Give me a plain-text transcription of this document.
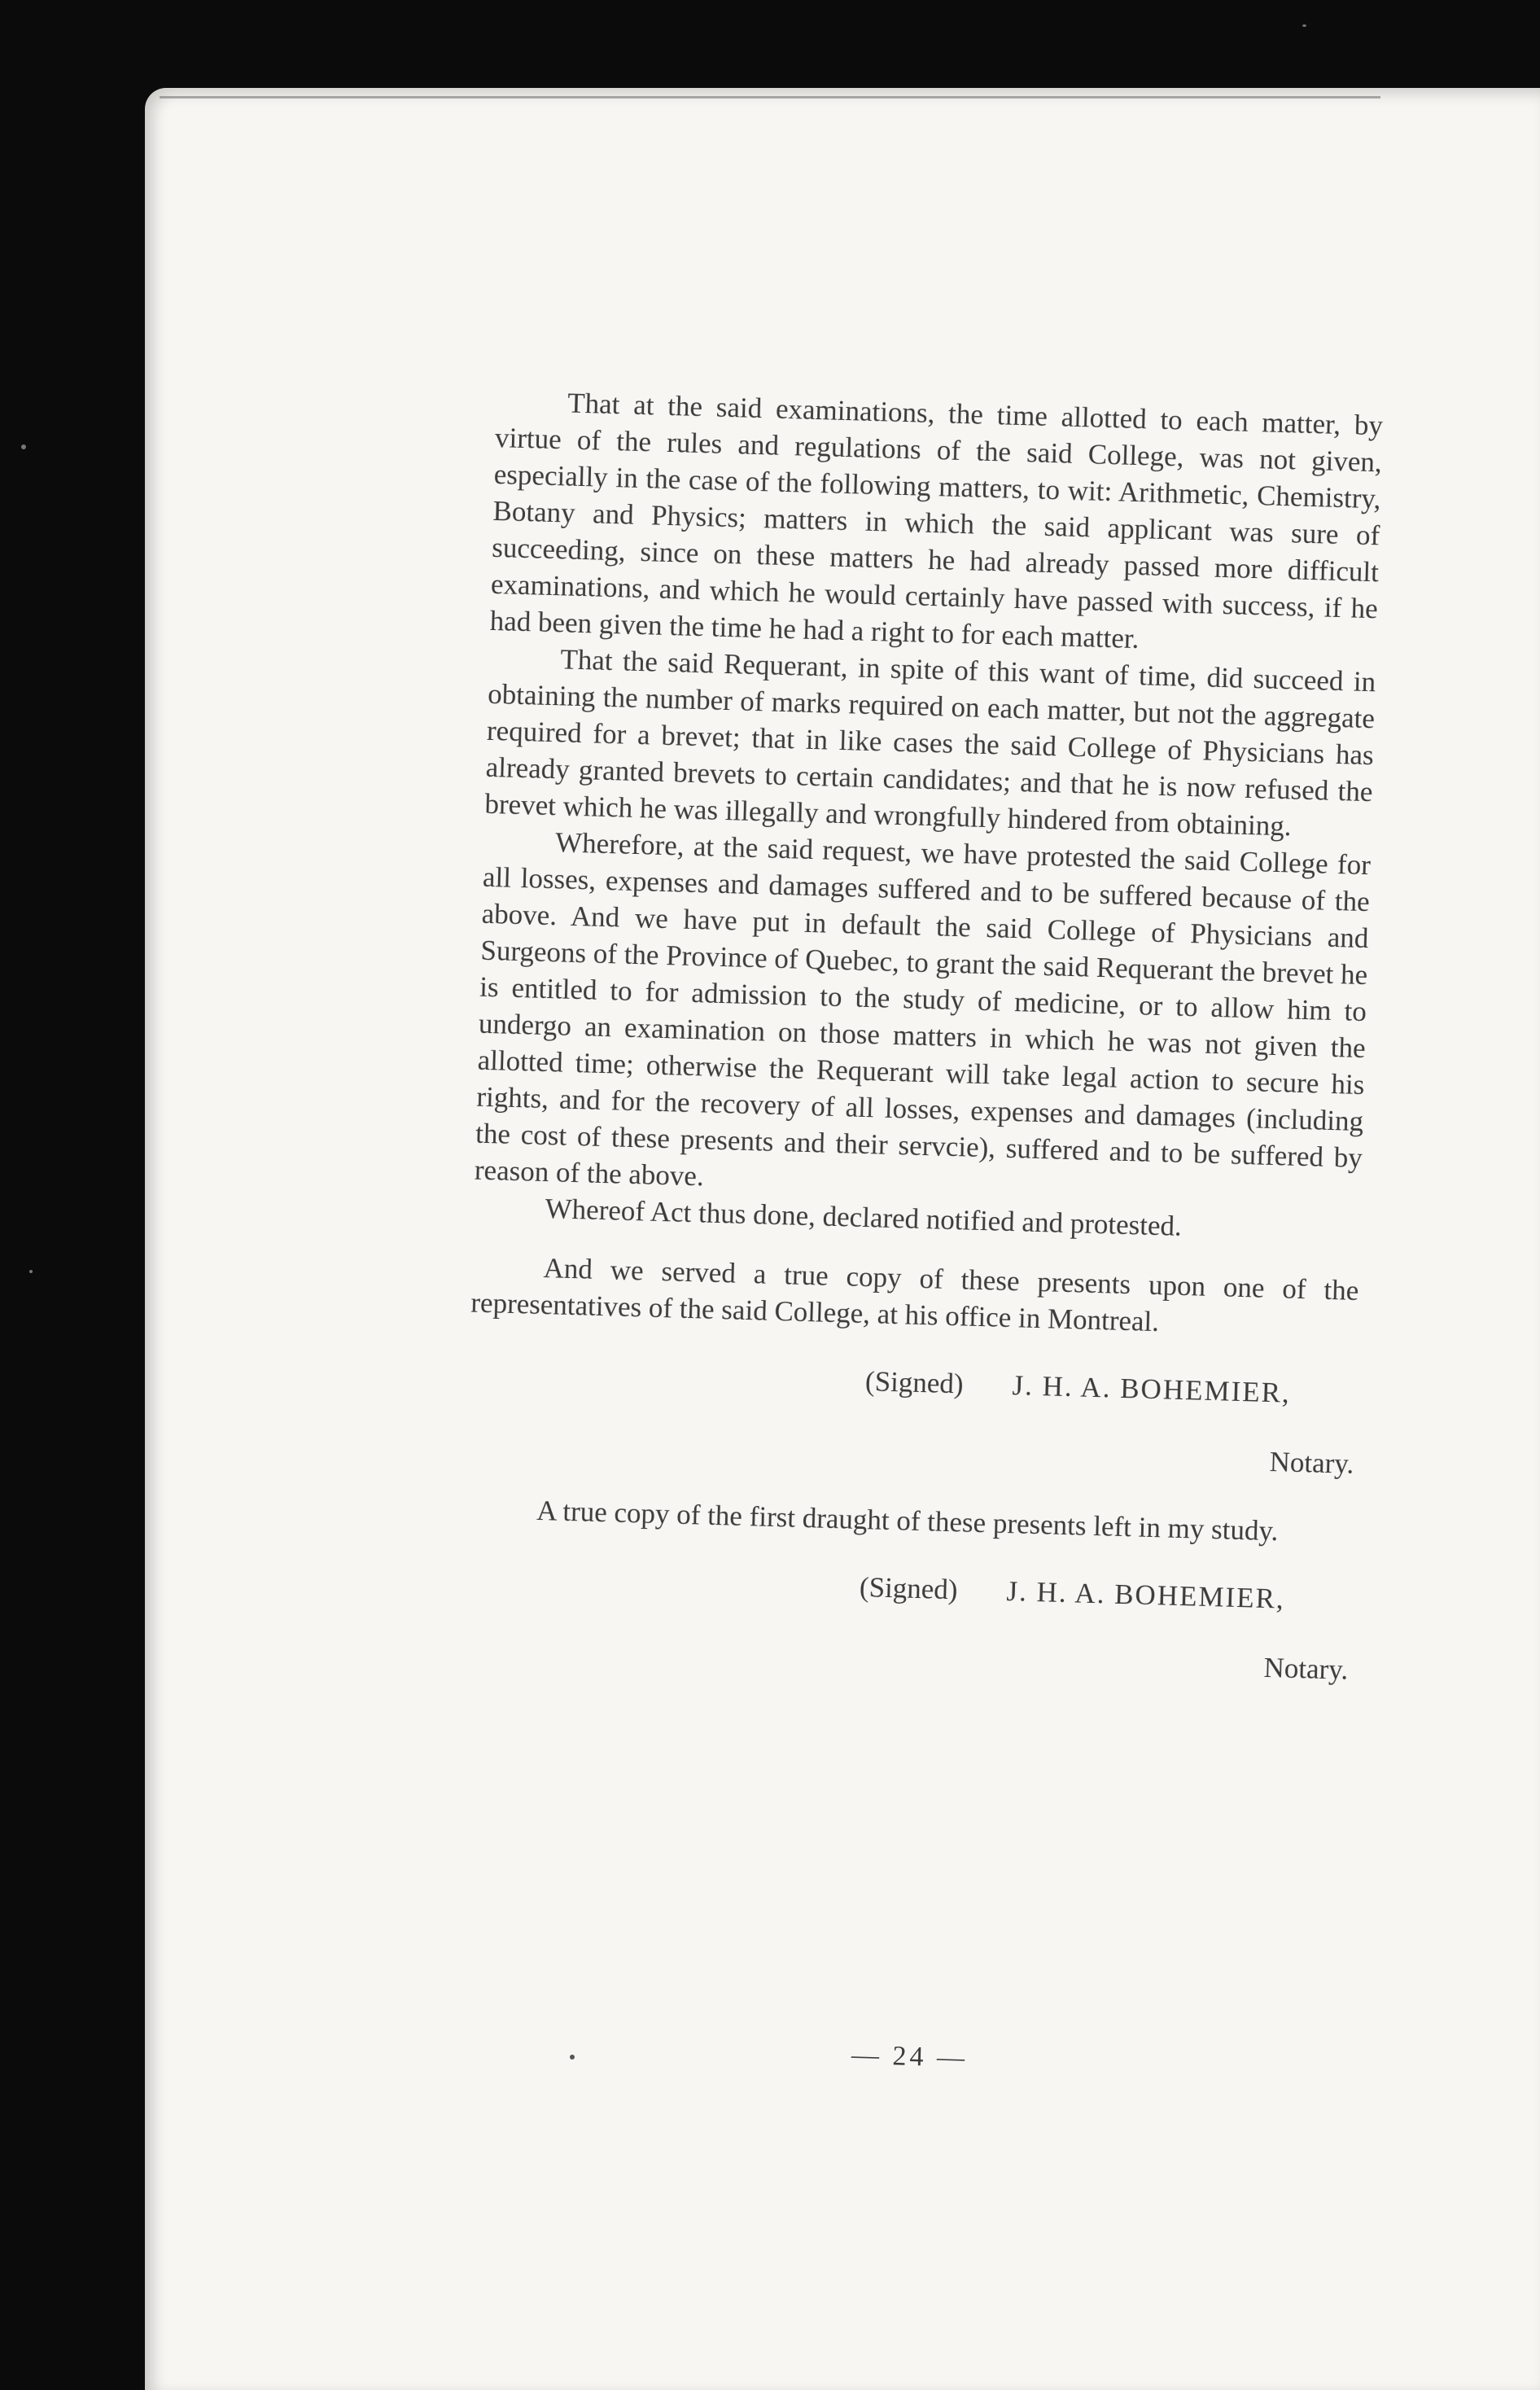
That at the said examinations, the time allotted to each matter, by virtue of the rules and regulations of the said College, was not given, especially in the case of the following matters, to wit: Arithmetic, Chemistry, Botany and Physics; matters in which the said applicant was sure of succeeding, since on these matters he had already passed more difficult examinations, and which he would certainly have passed with success, if he had been given the time he had a right to for each matter.

That the said Requerant, in spite of this want of time, did succeed in obtaining the number of marks required on each matter, but not the aggregate required for a brevet; that in like cases the said College of Physicians has already granted brevets to certain candidates; and that he is now refused the brevet which he was illegally and wrongfully hindered from obtaining.

Wherefore, at the said request, we have protested the said College for all losses, expenses and damages suffered and to be suffered because of the above. And we have put in default the said College of Physicians and Surgeons of the Province of Quebec, to grant the said Requerant the brevet he is entitled to for admission to the study of medicine, or to allow him to undergo an examination on those matters in which he was not given the allotted time; otherwise the Requerant will take legal action to secure his rights, and for the recovery of all losses, expenses and damages (including the cost of these presents and their servcie), suffered and to be suffered by reason of the above.

Whereof Act thus done, declared notified and protested.

And we served a true copy of these presents upon one of the representatives of the said College, at his office in Montreal.

(Signed) J. H. A. BOHEMIER,
Notary.

A true copy of the first draught of these presents left in my study.

(Signed) J. H. A. BOHEMIER,
Notary.
— 24 —
